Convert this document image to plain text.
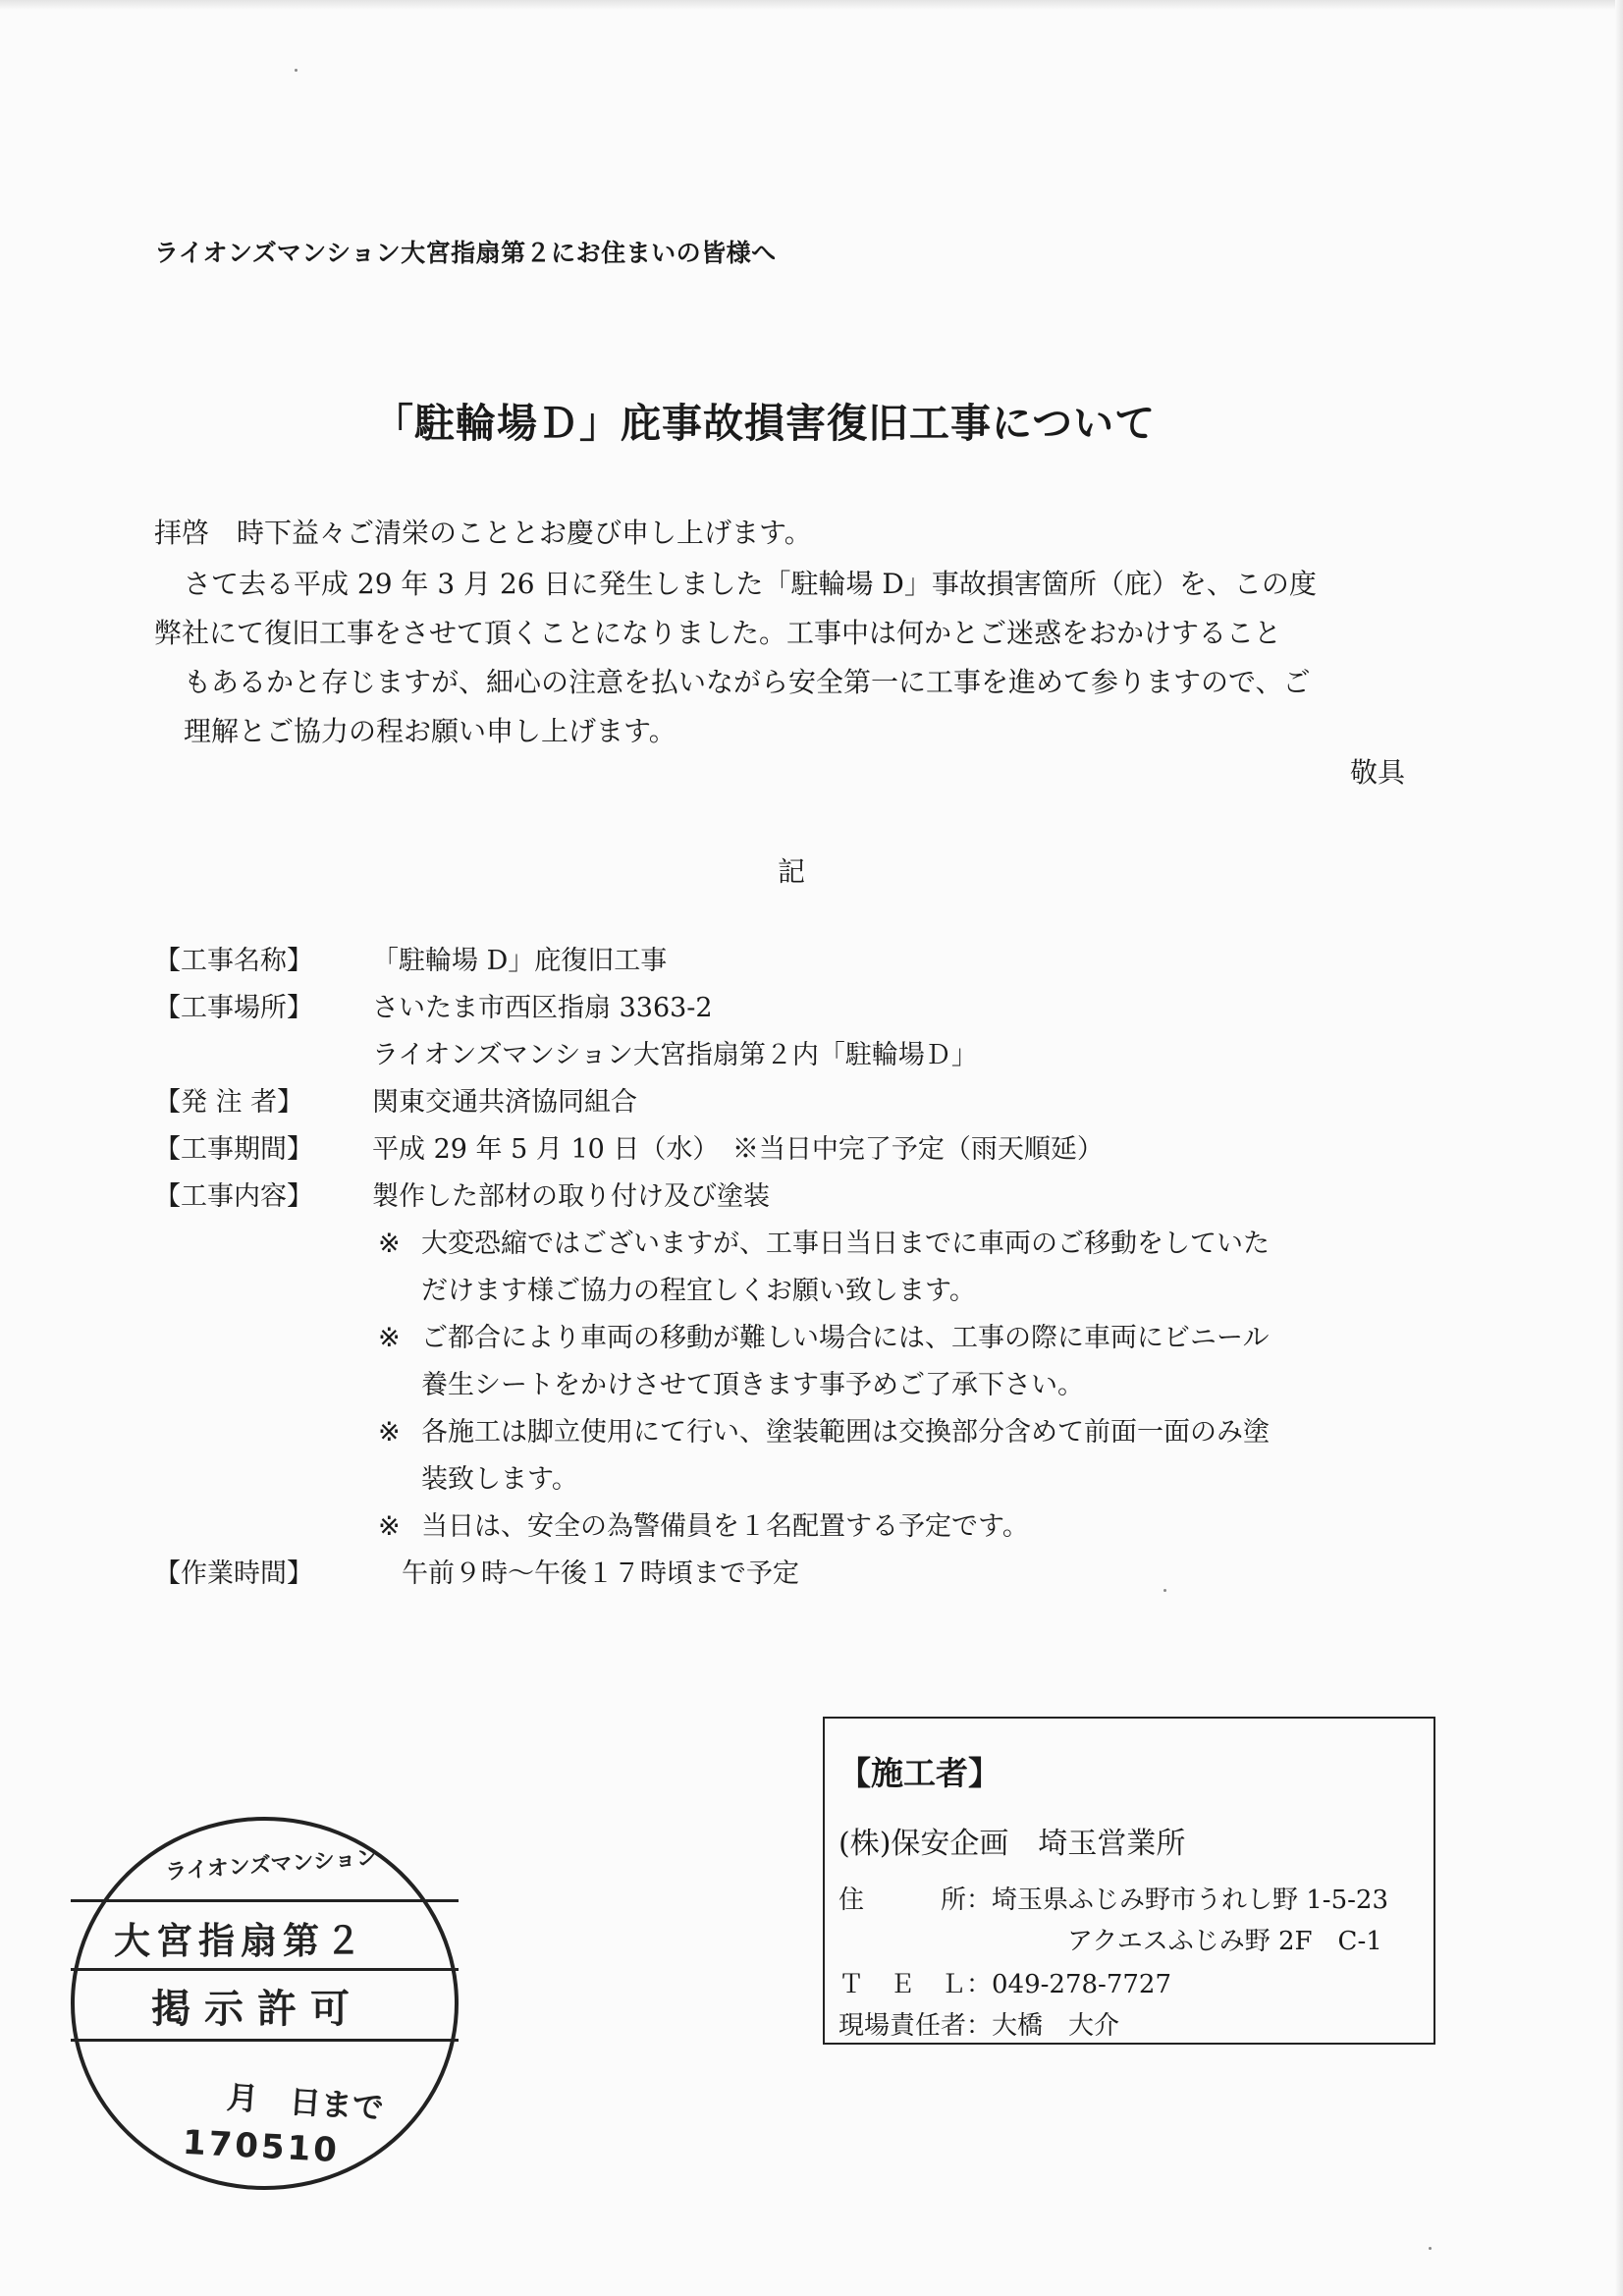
ライオンズマンション大宮指扇第２にお住まいの皆様へ
「駐輪場Ｄ」庇事故損害復旧工事について
拝啓　時下益々ご清栄のこととお慶び申し上げます。
さて去る平成 29 年 3 月 26 日に発生しました「駐輪場 D」事故損害箇所（庇）を、この度
弊社にて復旧工事をさせて頂くことになりました。工事中は何かとご迷惑をおかけすること
もあるかと存じますが、細心の注意を払いながら安全第一に工事を進めて参りますので、ご
理解とご協力の程お願い申し上げます。
敬具
記
【工事名称】	「駐輪場 D」庇復旧工事
【工事場所】	さいたま市西区指扇 3363-2
ライオンズマンション大宮指扇第２内「駐輪場Ｄ」
【発 注 者】	関東交通共済協同組合
【工事期間】	平成 29 年 5 月 10 日（水）　※当日中完了予定（雨天順延）
【工事内容】	製作した部材の取り付け及び塗装
※ 大変恐縮ではございますが、工事日当日までに車両のご移動をしていた
だけます様ご協力の程宜しくお願い致します。
※ ご都合により車両の移動が難しい場合には、工事の際に車両にビニール
養生シートをかけさせて頂きます事予めご了承下さい。
※ 各施工は脚立使用にて行い、塗装範囲は交換部分含めて前面一面のみ塗
装致します。
※ 当日は、安全の為警備員を１名配置する予定です。
【作業時間】	午前９時～午後１７時頃まで予定
【施工者】
(株)保安企画　埼玉営業所
住　　　所：埼玉県ふじみ野市うれし野 1-5-23
アクエスふじみ野 2F　C-1
Ｔ　Ｅ　Ｌ：049-278-7727
現場責任者：大橋　大介
ライオンズマンション
大宮指扇第２
掲示許可
月　日まで
170510
